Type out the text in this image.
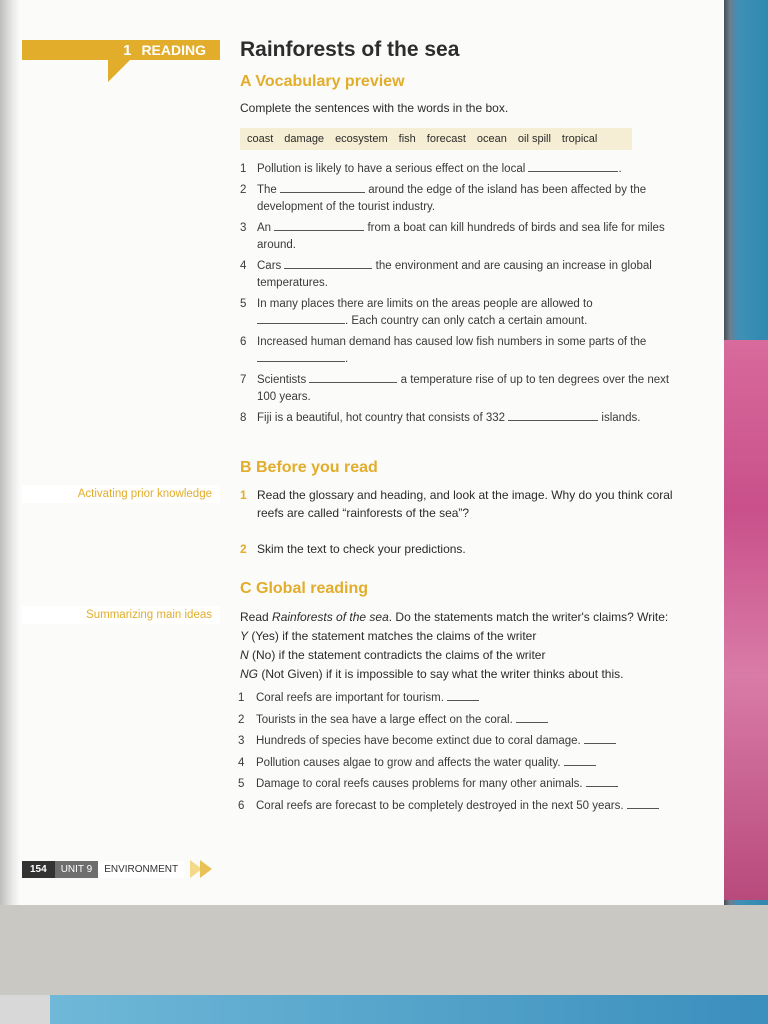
1 READING Rainforests of the sea
A Vocabulary preview

Complete the sentences with the words in the box.

coast damage ecosystem fish forecast ocean oil spill tropical
1 Pollution is likely to have a serious effect on the local	.
2 The	around the edge of the island has been affected by the development of the tourist industry.
3 An	from a boat can kill hundreds of birds and sea life for miles around.
4 Cars	the environment and are causing an increase in global temperatures.
5 In many places there are limits on the areas people are allowed to . Each country can only catch a certain amount.
6 Increased human demand has caused low fish numbers in some parts of the .
7 Scientists	a temperature rise of up to ten degrees over the next 100 years.
8 Fiji is a beautiful, hot country that consists of 332	islands.
B Before you read
Activating prior knowledge	1 Read the glossary and heading, and look at the image. Why do you think coral reefs are called “rainforests of the sea”?
2 Skim the text to check your predictions.
C Global reading
Summarizing main ideas	Read Rainforests of the sea. Do the statements match the writer's claims? Write:
Y (Yes) if the statement matches the claims of the writer
N (No) if the statement contradicts the claims of the writer
NG (Not Given) if it is impossible to say what the writer thinks about this.
1	Coral reefs are important for tourism.
2	Tourists in the sea have a large effect on the coral.
3	Hundreds of species have become extinct due to coral damage.
4	Pollution causes algae to grow and affects the water quality.
5	Damage to coral reefs causes problems for many other animals.
6	Coral reefs are forecast to be completely destroyed in the next 50 years.
154	UNIT 9	ENVIRONMENT
